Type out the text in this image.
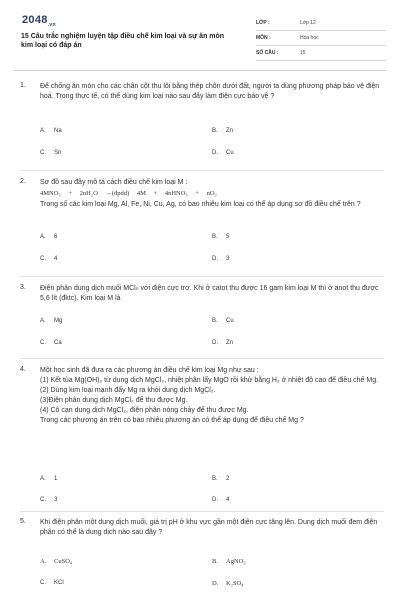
$2048_{.vn}$
15 Câu trắc nghiệm luyện tập điều chế kim loại và sự ăn mòn kim loại có đáp án
LỚP :	Lớp 12
MÔN :	Hóa học
SỐ CÂU :	15
1. Để chống ăn mòn cho các chân cột thu lôi bằng thép chôn dưới đất, người ta dùng phương pháp bảo vệ điện hoá. Trong thực tế, có thể dùng kim loại nào sau đây làm điện cực bảo vệ ?
A. Na	B. Zn
C. Sn	D. Cu
2. Sơ đồ sau đây mô tả cách điều chế kim loại M :

4MNO₃ + 2nH₂O →(đpdd) 4M + 4nHNO₃ + nO₂

Trong số các kim loại Mg, Al, Fe, Ni, Cu, Ag, có bao nhiêu kim loại có thể áp dụng sơ đồ điều chế trên ?

A. 6	B. 5
C. 4	D. 3
3. Điện phân dung dịch muối MClₙ với điện cực trơ. Khi ở catot thu được 16 gam kim loại M thì ở anot thu được 5,6 lít (đktc). Kim loại M là
A. Mg	B. Cu
C. Ca	D. Zn
4. Một học sinh đã đưa ra các phương án điều chế kim loại Mg như sau :

(1) Kết tủa Mg(OH)₂ từ dung dịch MgCl₂, nhiệt phân lấy MgO rồi khử bằng H₂ ở nhiệt độ cao để điều chế Mg.

(2) Dùng kim loại mạnh đẩy Mg ra khỏi dung dịch MgCl₂.

(3)Điện phân dung dịch MgCl₂ để thu được Mg.

(4) Cô cạn dung dịch MgCl₂, điện phân nóng chảy để thu được Mg.

Trong các phương án trên có bao nhiêu phương án có thể áp dụng để điều chế Mg ?

A. 1	B. 2
C. 3	D. 4
5. Khi điện phân một dung dịch muối, giá trị pH ở khu vực gần một điện cực tăng lên. Dung dịch muối đem điện phân có thể là dung dịch nào sau đây ?
A. CuSO₄	B. AgNO₃
C. KCl	D. K₂SO₄
